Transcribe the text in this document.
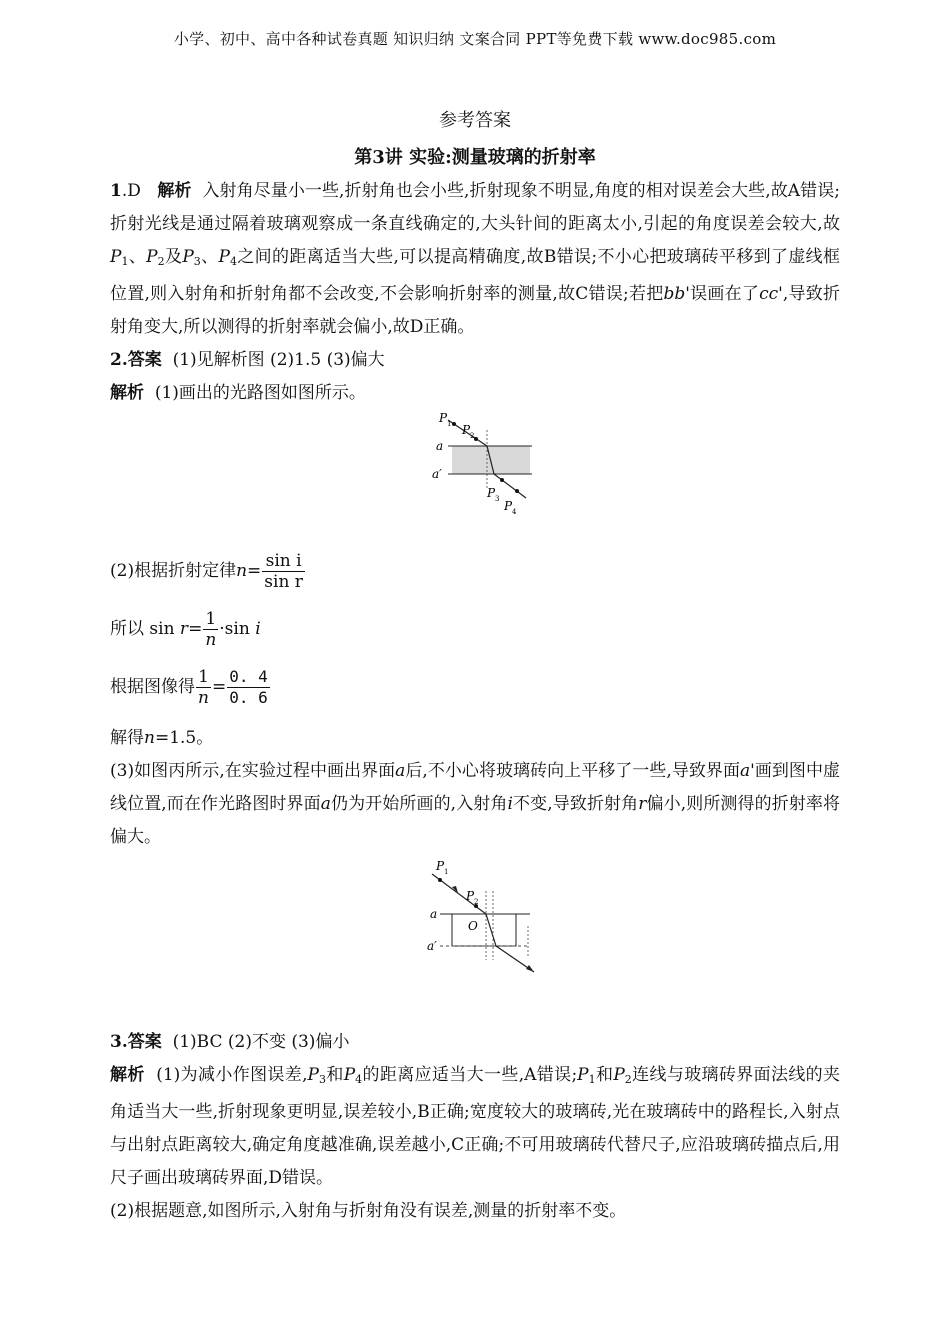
小学、初中、高中各种试卷真题 知识归纳 文案合同 PPT等免费下载 www.doc985.com
参考答案
第3讲 实验:测量玻璃的折射率

1.D 解析 入射角尽量小一些,折射角也会小些,折射现象不明显,角度的相对误差会大些,故A错误;折射光线是通过隔着玻璃观察成一条直线确定的,大头针间的距离太小,引起的角度误差会较大,故 $P_1$、$P_2$及$P_3$、$P_4$之间的距离适当大些,可以提高精确度,故B错误;不小心把玻璃砖平移到了虚线框位置,则入射角和折射角都不会改变,不会影响折射率的测量,故C错误;若把bb'误画在了cc',导致折射角变大,所以测得的折射率就会偏小,故D正确。

2.答案 (1)见解析图 (2)1.5 (3)偏大

解析 (1)画出的光路图如图所示。

P 1 P 2
P 3 P 4
a
a′
(2)根据折射定律 $n = \frac{\text{sin i}}{\text{sin r}}$
所以 sin
$r = \frac{1}{n} \cdot\sin$
i
根据图像得 $\frac{1}{n} = \frac{0. 4}{0. 6}$

解得n=1.5。

(3)如图丙所示,在实验过程中画出界面a后,不小心将玻璃砖向上平移了一些,导致界面a'画到图中虚线位置,而在作光路图时界面a仍为开始所画的,入射角i不变,导致折射角r偏小,则所测得的折射率将偏大。

P 1
P 2
a
a′
O

3.答案 (1)BC (2)不变 (3)偏小

解析 (1)为减小作图误差$,P_3$和$P_4$的距离应适当大一些,A错误$;P_1$和$P_2$连线与玻璃砖界面法线的夹角适当大一些,折射现象更明显,误差较小,B正确;宽度较大的玻璃砖,光在玻璃砖中的路程长,入射点与出射点距离较大,确定角度越准确,误差越小,C正确;不可用玻璃砖代替尺子,应沿玻璃砖描点后,用尺子画出玻璃砖界面,D错误。

(2)根据题意,如图所示,入射角与折射角没有误差,测量的折射率不变。
